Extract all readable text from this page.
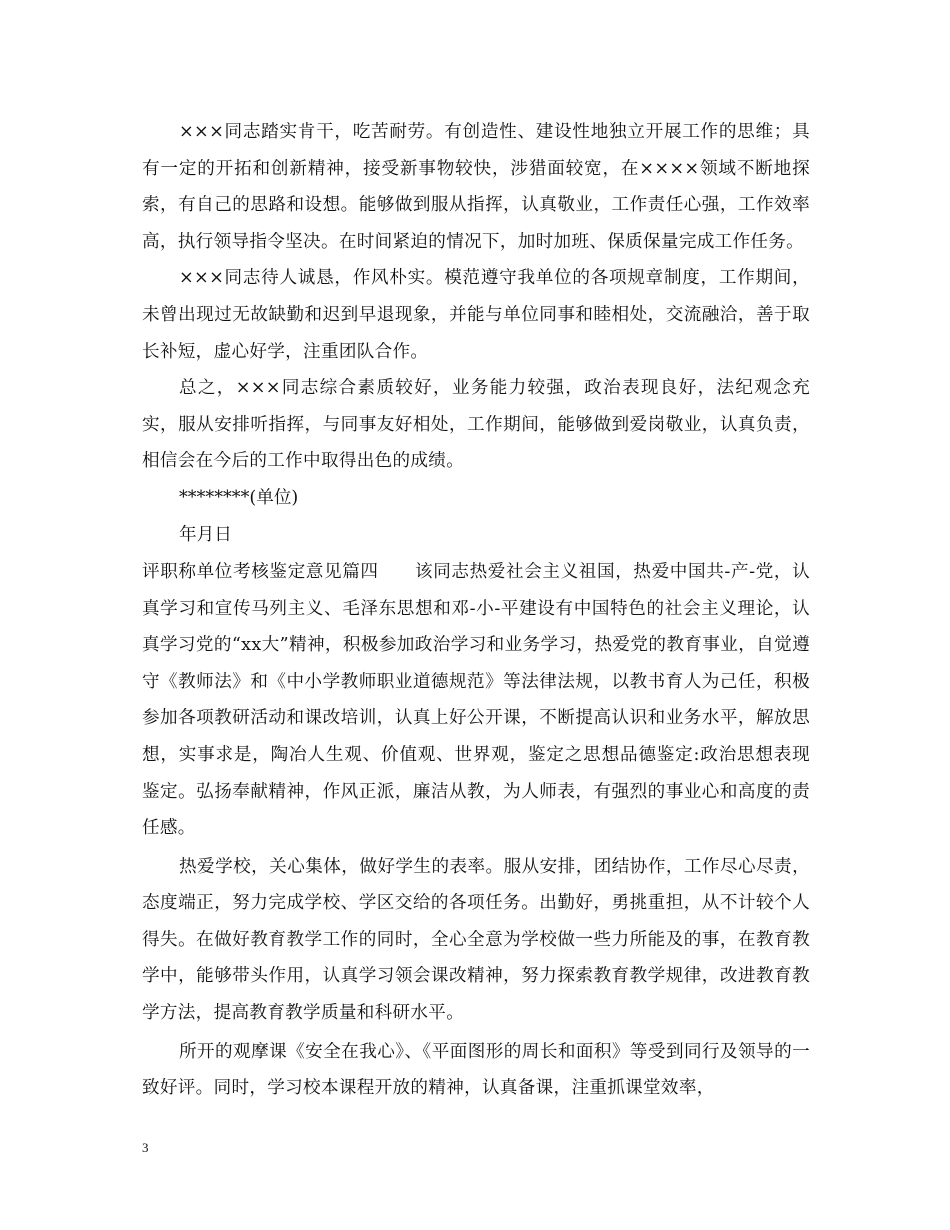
×××同志踏实肯干，吃苦耐劳。有创造性、建设性地独立开展工作的思维；具有一定的开拓和创新精神，接受新事物较快，涉猎面较宽，在××××领域不断地探索，有自己的思路和设想。能够做到服从指挥，认真敬业，工作责任心强，工作效率高，执行领导指令坚决。在时间紧迫的情况下，加时加班、保质保量完成工作任务。

×××同志待人诚恳，作风朴实。模范遵守我单位的各项规章制度，工作期间，未曾出现过无故缺勤和迟到早退现象，并能与单位同事和睦相处，交流融洽，善于取长补短，虚心好学，注重团队合作。

总之，×××同志综合素质较好，业务能力较强，政治表现良好，法纪观念充实，服从安排听指挥，与同事友好相处，工作期间，能够做到爱岗敬业，认真负责，相信会在今后的工作中取得出色的成绩。

********(单位)

年月日

评职称单位考核鉴定意见篇四　　该同志热爱社会主义祖国，热爱中国共-产-党，认真学习和宣传马列主义、毛泽东思想和邓-小-平建设有中国特色的社会主义理论，认真学习党的“xx大”精神，积极参加政治学习和业务学习，热爱党的教育事业，自觉遵守《教师法》和《中小学教师职业道德规范》等法律法规，以教书育人为己任，积极参加各项教研活动和课改培训，认真上好公开课，不断提高认识和业务水平，解放思想，实事求是，陶冶人生观、价值观、世界观，鉴定之思想品德鉴定:政治思想表现鉴定。弘扬奉献精神，作风正派，廉洁从教，为人师表，有强烈的事业心和高度的责任感。

热爱学校，关心集体，做好学生的表率。服从安排，团结协作，工作尽心尽责，态度端正，努力完成学校、学区交给的各项任务。出勤好，勇挑重担，从不计较个人得失。在做好教育教学工作的同时，全心全意为学校做一些力所能及的事，在教育教学中，能够带头作用，认真学习领会课改精神，努力探索教育教学规律，改进教育教学方法，提高教育教学质量和科研水平。

所开的观摩课《安全在我心》、《平面图形的周长和面积》等受到同行及领导的一致好评。同时，学习校本课程开放的精神，认真备课，注重抓课堂效率，

3
